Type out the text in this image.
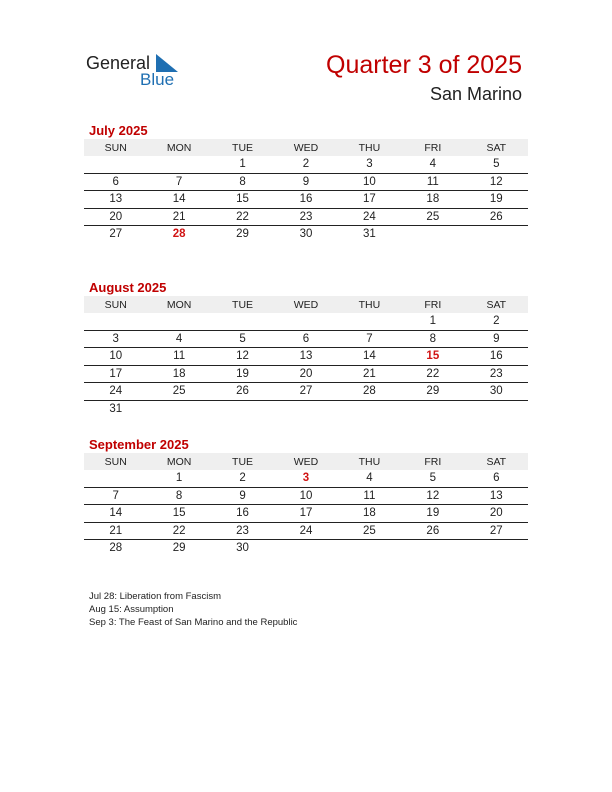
General
Blue
Quarter 3 of 2025
San Marino
July 2025
SUN	MON	TUE	WED	THU	FRI	SAT
		1	2	3	4	5
6	7	8	9	10	11	12
13	14	15	16	17	18	19
20	21	22	23	24	25	26
27	28	29	30	31		
August 2025
SUN	MON	TUE	WED	THU	FRI	SAT
					1	2
3	4	5	6	7	8	9
10	11	12	13	14	15	16
17	18	19	20	21	22	23
24	25	26	27	28	29	30
31						
September 2025
SUN	MON	TUE	WED	THU	FRI	SAT
	1	2	3	4	5	6
7	8	9	10	11	12	13
14	15	16	17	18	19	20
21	22	23	24	25	26	27
28	29	30				
Jul 28: Liberation from Fascism
Aug 15: Assumption
Sep 3: The Feast of San Marino and the Republic
